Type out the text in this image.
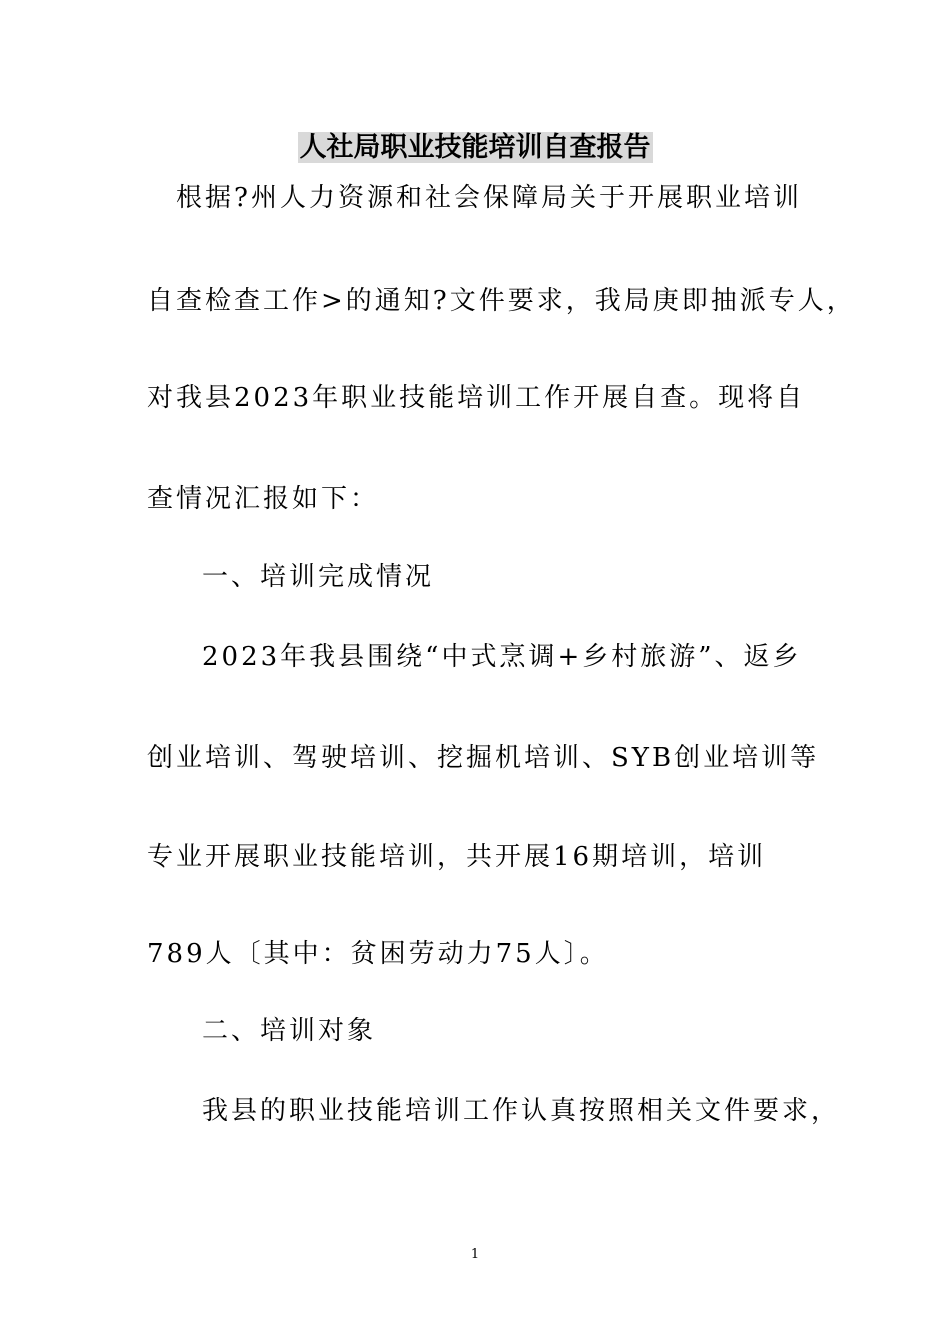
人社局职业技能培训自查报告
根据?州人力资源和社会保障局关于开展职业培训
自查检查工作>的通知?文件要求，我局庚即抽派专人，
对我县2023年职业技能培训工作开展自查。现将自
查情况汇报如下：
一、培训完成情况
2023年我县围绕“中式烹调+乡村旅游”、返乡
创业培训、驾驶培训、挖掘机培训、SYB创业培训等
专业开展职业技能培训，共开展16期培训，培训
789人〔其中：贫困劳动力75人〕。
二、培训对象
我县的职业技能培训工作认真按照相关文件要求，
1
